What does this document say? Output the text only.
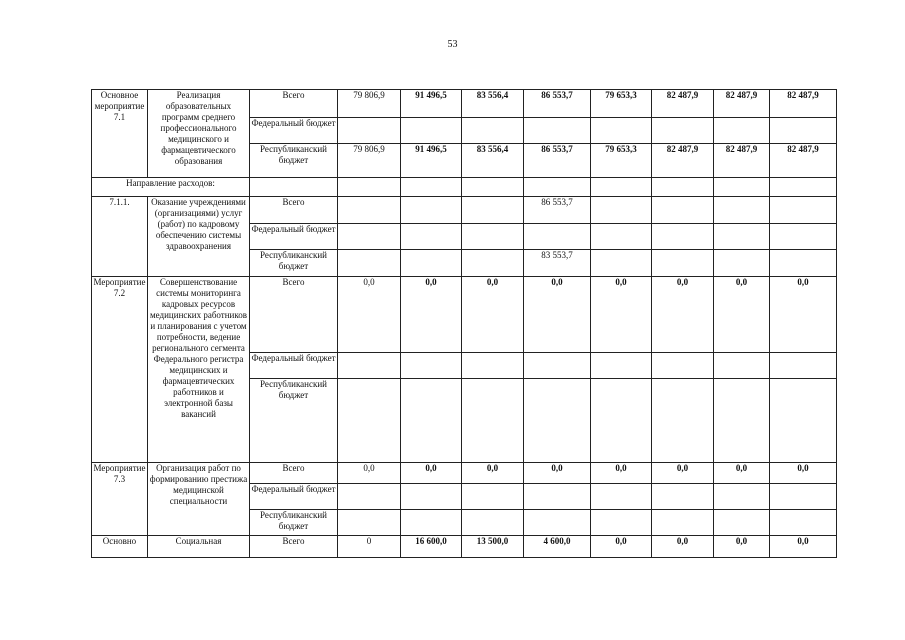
53
Основное мероприятие 7.1	Реализация образовательных программ среднего профессионального медицинского и фармацевтического образования	Всего	79 806,9	91 496,5	83 556,4	86 553,7	79 653,3	82 487,9	82 487,9	82 487,9
		Федеральный бюджет								
		Республиканский бюджет	79 806,9	91 496,5	83 556,4	86 553,7	79 653,3	82 487,9	82 487,9	82 487,9
Направление расходов:										
7.1.1.	Оказание учреждениями (организациями) услуг (работ) по кадровому обеспечению системы здравоохранения	Всего				86 553,7				
		Федеральный бюджет								
		Республиканский бюджет				83 553,7				
Мероприятие 7.2	Совершенствование системы мониторинга кадровых ресурсов медицинских работников и планирования с учетом потребности, ведение регионального сегмента Федерального регистра медицинских и фармацевтических работников и электронной базы вакансий	Всего	0,0	0,0	0,0	0,0	0,0	0,0	0,0	0,0
		Федеральный бюджет								
		Республиканский бюджет								
Мероприятие 7.3	Организация работ по формированию престижа медицинской специальности	Всего	0,0	0,0	0,0	0,0	0,0	0,0	0,0	0,0
		Федеральный бюджет								
		Республиканский бюджет								
Основно	Социальная	Всего	0	16 600,0	13 500,0	4 600,0	0,0	0,0	0,0	0,0
